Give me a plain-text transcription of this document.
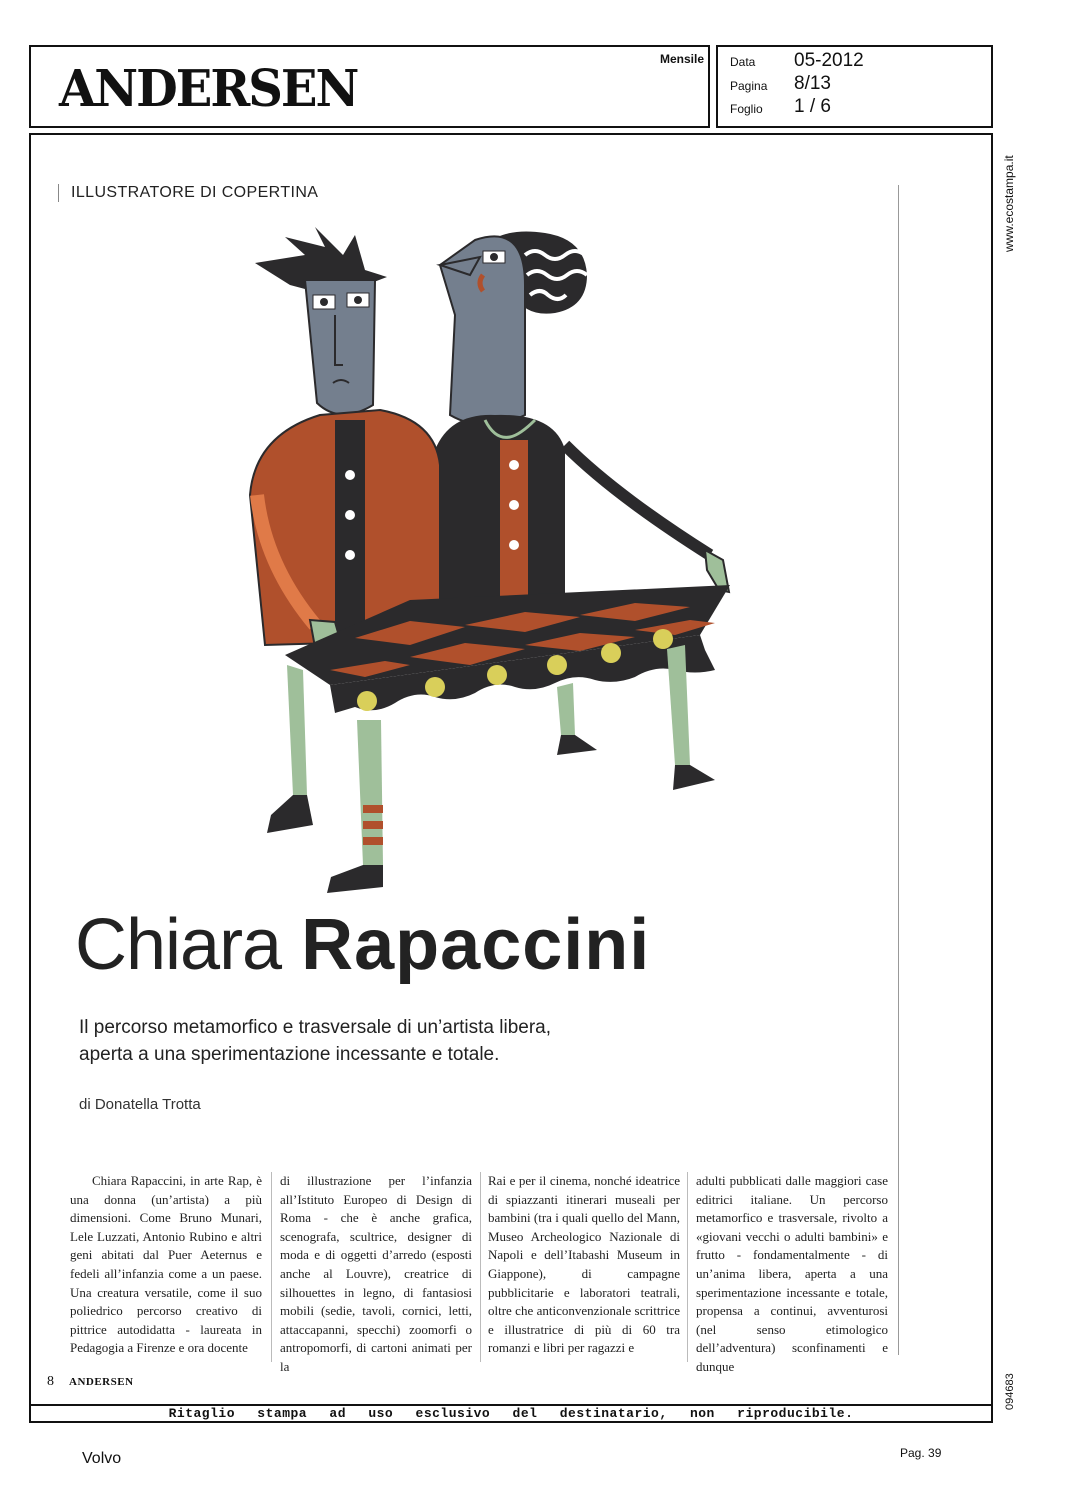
ANDERSEN
Mensile Data 05-2012
Pagina 8/13
Foglio 1 / 6
www.ecostampa.it
094683
ILLUSTRATORE DI COPERTINA
Chiara Rapaccini
Il percorso metamorfico e trasversale di un’artista libera,
aperta a una sperimentazione incessante e totale.
di Donatella Trotta
Chiara Rapaccini, in arte Rap, è una donna (un’artista) a più dimensioni. Come Bruno Munari, Lele Luzzati, Antonio Rubino e altri geni abitati dal Puer Aeternus e fedeli all’infanzia come a un paese. Una creatura versatile, come il suo poliedrico percorso creativo di pittrice autodidatta - laureata in Pedagogia a Firenze e ora docente
di illustrazione per l’infanzia all’Istituto Europeo di Design di Roma - che è anche grafica, scenografa, scultrice, designer di moda e di oggetti d’arredo (esposti anche al Louvre), creatrice di silhouettes in legno, di fantasiosi mobili (sedie, tavoli, cornici, letti, attaccapanni, specchi) zoomorfi o antropomorfi, di cartoni animati per la
Rai e per il cinema, nonché ideatrice di spiazzanti itinerari museali per bambini (tra i quali quello del Mann, Museo Archeologico Nazionale di Napoli e dell’Itabashi Museum in Giappone), di campagne pubblicitarie e laboratori teatrali, oltre che anticonvenzionale scrittrice e illustratrice di più di 60 tra romanzi e libri per ragazzi e
adulti pubblicati dalle maggiori case editrici italiane. Un percorso metamorfico e trasversale, rivolto a «giovani vecchi o adulti bambini» e frutto - fondamentalmente - di un’anima libera, aperta a una sperimentazione incessante e totale, propensa a continui, avventurosi (nel senso etimologico dell’adventura) sconfinamenti e dunque
8 ANDERSEN
Ritaglio stampa ad uso esclusivo del destinatario, non riproducibile.
Volvo	Pag. 39
